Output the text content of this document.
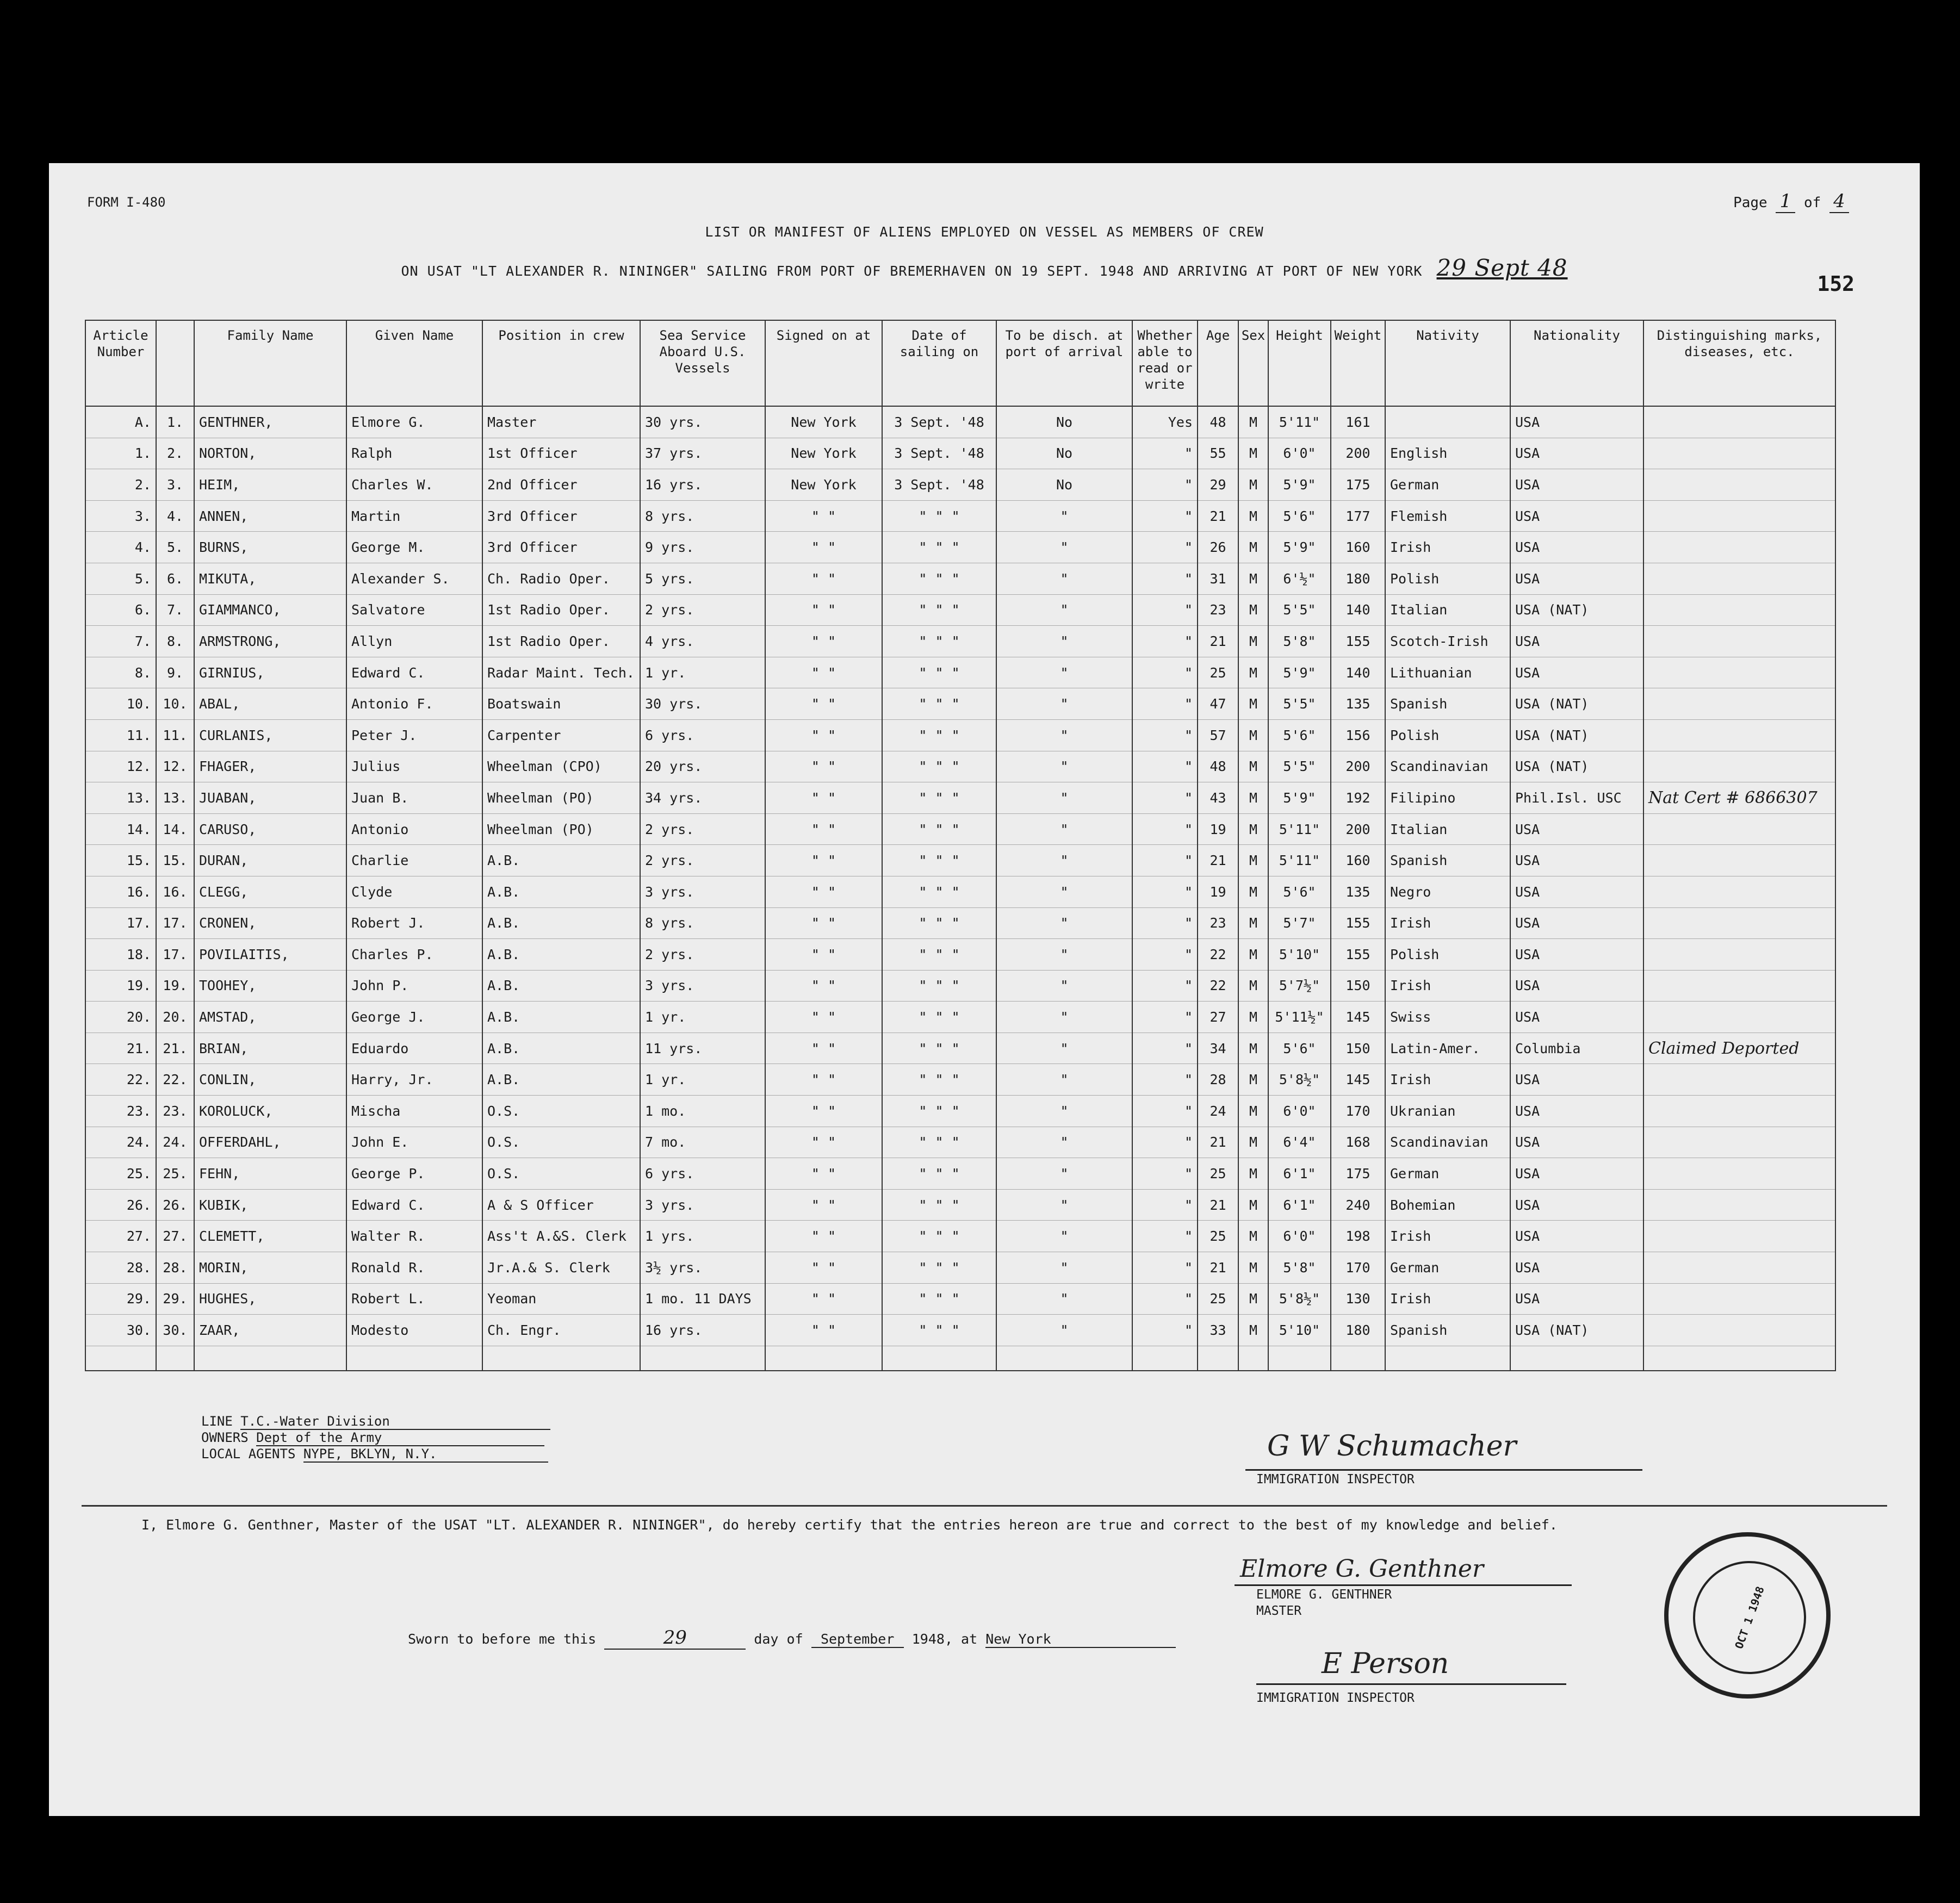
FORM I-480	Page 1 of 4
LIST OR MANIFEST OF ALIENS EMPLOYED ON VESSEL AS MEMBERS OF CREW
ON USAT "LT ALEXANDER R. NININGER" SAILING FROM PORT OF BREMERHAVEN ON 19 SEPT. 1948 AND ARRIVING AT PORT OF NEW YORK 29 Sept 48
152
Article Number		Family Name	Given Name	Position in crew	Sea Service Aboard U.S. Vessels	Signed on at	Date of sailing on	To be disch. at port of arrival	Whether able to read or write	Age	Sex	Height	Weight	Nativity	Nationality	Distinguishing marks, diseases, etc.
A.	1.	GENTHNER,	Elmore G.	Master	30 yrs.	New York	3 Sept. '48	No	Yes	48	M	5'11"	161		USA	
1.	2.	NORTON,	Ralph	1st Officer	37 yrs.	New York	3 Sept. '48	No	"	55	M	6'0"	200	English	USA	
2.	3.	HEIM,	Charles W.	2nd Officer	16 yrs.	New York	3 Sept. '48	No	"	29	M	5'9"	175	German	USA	
3.	4.	ANNEN,	Martin	3rd Officer	8 yrs.	" "	" " "	"	"	21	M	5'6"	177	Flemish	USA	
4.	5.	BURNS,	George M.	3rd Officer	9 yrs.	" "	" " "	"	"	26	M	5'9"	160	Irish	USA	
5.	6.	MIKUTA,	Alexander S.	Ch. Radio Oper.	5 yrs.	" "	" " "	"	"	31	M	6'½"	180	Polish	USA	
6.	7.	GIAMMANCO,	Salvatore	1st Radio Oper.	2 yrs.	" "	" " "	"	"	23	M	5'5"	140	Italian	USA (NAT)	
7.	8.	ARMSTRONG,	Allyn	1st Radio Oper.	4 yrs.	" "	" " "	"	"	21	M	5'8"	155	Scotch-Irish	USA	
8.	9.	GIRNIUS,	Edward C.	Radar Maint. Tech.	1 yr.	" "	" " "	"	"	25	M	5'9"	140	Lithuanian	USA	
10.	10.	ABAL,	Antonio F.	Boatswain	30 yrs.	" "	" " "	"	"	47	M	5'5"	135	Spanish	USA (NAT)	
11.	11.	CURLANIS,	Peter J.	Carpenter	6 yrs.	" "	" " "	"	"	57	M	5'6"	156	Polish	USA (NAT)	
12.	12.	FHAGER,	Julius	Wheelman (CPO)	20 yrs.	" "	" " "	"	"	48	M	5'5"	200	Scandinavian	USA (NAT)	
13.	13.	JUABAN,	Juan B.	Wheelman (PO)	34 yrs.	" "	" " "	"	"	43	M	5'9"	192	Filipino	Phil.Isl. USC	Nat Cert # 6866307
14.	14.	CARUSO,	Antonio	Wheelman (PO)	2 yrs.	" "	" " "	"	"	19	M	5'11"	200	Italian	USA	
15.	15.	DURAN,	Charlie	A.B.	2 yrs.	" "	" " "	"	"	21	M	5'11"	160	Spanish	USA	
16.	16.	CLEGG,	Clyde	A.B.	3 yrs.	" "	" " "	"	"	19	M	5'6"	135	Negro	USA	
17.	17.	CRONEN,	Robert J.	A.B.	8 yrs.	" "	" " "	"	"	23	M	5'7"	155	Irish	USA	
18.	17.	POVILAITIS,	Charles P.	A.B.	2 yrs.	" "	" " "	"	"	22	M	5'10"	155	Polish	USA	
19.	19.	TOOHEY,	John P.	A.B.	3 yrs.	" "	" " "	"	"	22	M	5'7½"	150	Irish	USA	
20.	20.	AMSTAD,	George J.	A.B.	1 yr.	" "	" " "	"	"	27	M	5'11½"	145	Swiss	USA	
21.	21.	BRIAN,	Eduardo	A.B.	11 yrs.	" "	" " "	"	"	34	M	5'6"	150	Latin-Amer.	Columbia	Claimed Deported
22.	22.	CONLIN,	Harry, Jr.	A.B.	1 yr.	" "	" " "	"	"	28	M	5'8½"	145	Irish	USA	
23.	23.	KOROLUCK,	Mischa	O.S.	1 mo.	" "	" " "	"	"	24	M	6'0"	170	Ukranian	USA	
24.	24.	OFFERDAHL,	John E.	O.S.	7 mo.	" "	" " "	"	"	21	M	6'4"	168	Scandinavian	USA	
25.	25.	FEHN,	George P.	O.S.	6 yrs.	" "	" " "	"	"	25	M	6'1"	175	German	USA	
26.	26.	KUBIK,	Edward C.	A & S Officer	3 yrs.	" "	" " "	"	"	21	M	6'1"	240	Bohemian	USA	
27.	27.	CLEMETT,	Walter R.	Ass't A.&S. Clerk	1 yrs.	" "	" " "	"	"	25	M	6'0"	198	Irish	USA	
28.	28.	MORIN,	Ronald R.	Jr.A.& S. Clerk	3½ yrs.	" "	" " "	"	"	21	M	5'8"	170	German	USA	
29.	29.	HUGHES,	Robert L.	Yeoman	1 mo. 11 DAYS	" "	" " "	"	"	25	M	5'8½"	130	Irish	USA	
30.	30.	ZAAR,	Modesto	Ch. Engr.	16 yrs.	" "	" " "	"	"	33	M	5'10"	180	Spanish	USA (NAT)	

LINE T.C.-Water Division
OWNERS Dept of the Army
LOCAL AGENTS NYPE, BKLYN, N.Y.	G W Schumacher
IMMIGRATION INSPECTOR
I, Elmore G. Genthner, Master of the USAT "LT. ALEXANDER R. NININGER", do hereby certify that the entries hereon are true and correct to the best of my knowledge and belief.
Elmore G. Genthner
ELMORE G. GENTHNER
MASTER
Sworn to before me this	29	day of September 1948, at New York
E Person
IMMIGRATION INSPECTOR
OCT 1 1948
